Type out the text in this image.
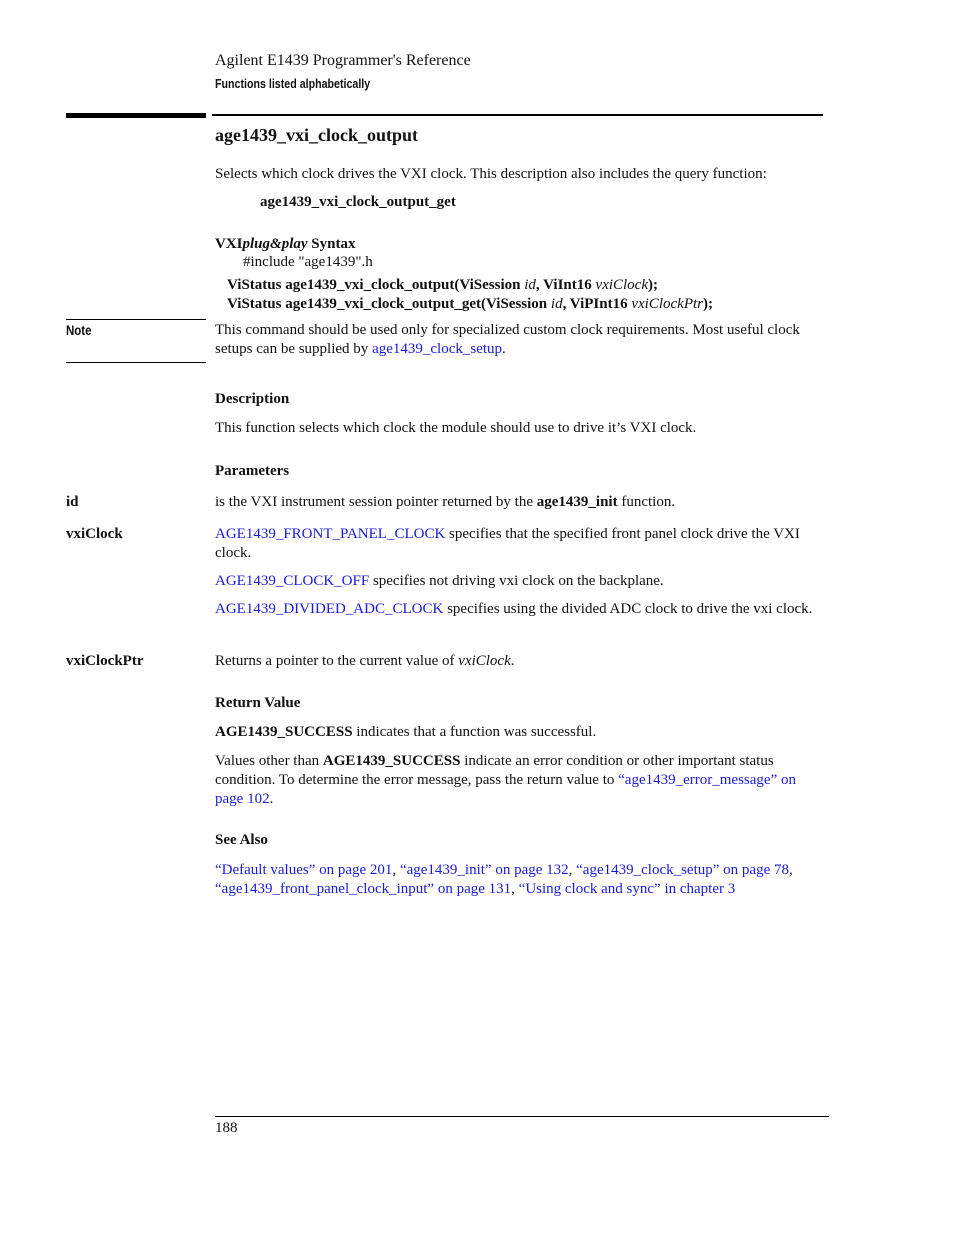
Agilent E1439 Programmer's Reference
Functions listed alphabetically
age1439_vxi_clock_output
Selects which clock drives the VXI clock. This description also includes the query function:
age1439_vxi_clock_output_get
VXIplug&play Syntax
#include "age1439".h
ViStatus age1439_vxi_clock_output(ViSession id, ViInt16 vxiClock);
ViStatus age1439_vxi_clock_output_get(ViSession id, ViPInt16 vxiClockPtr);
Note	This command should be used only for specialized custom clock requirements. Most useful clock setups can be supplied by age1439_clock_setup.
Description
This function selects which clock the module should use to drive it’s VXI clock.
Parameters
id	is the VXI instrument session pointer returned by the age1439_init function.
vxiClock	AGE1439_FRONT_PANEL_CLOCK specifies that the specified front panel clock drive the VXI clock.
AGE1439_CLOCK_OFF specifies not driving vxi clock on the backplane.
AGE1439_DIVIDED_ADC_CLOCK specifies using the divided ADC clock to drive the vxi clock.
vxiClockPtr	Returns a pointer to the current value of vxiClock.
Return Value
AGE1439_SUCCESS indicates that a function was successful.
Values other than AGE1439_SUCCESS indicate an error condition or other important status condition. To determine the error message, pass the return value to “age1439_error_message” on page 102.
See Also
“Default values” on page 201, “age1439_init” on page 132, “age1439_clock_setup” on page 78, “age1439_front_panel_clock_input” on page 131, “Using clock and sync” in chapter 3
188
